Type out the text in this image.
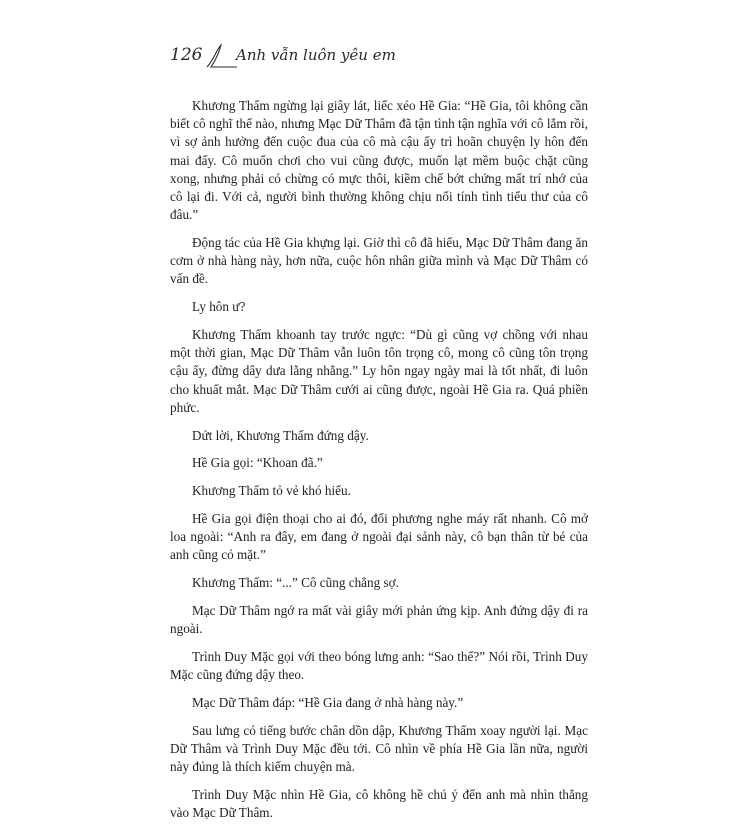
126 Anh vẫn luôn yêu em

Khương Thấm ngừng lại giây lát, liếc xéo Hề Gia: “Hề Gia, tôi không cần biết cô nghĩ thế nào, nhưng Mạc Dữ Thâm đã tận tình tận nghĩa với cô lắm rồi, vì sợ ảnh hưởng đến cuộc đua của cô mà cậu ấy trì hoãn chuyện ly hôn đến mai đấy. Cô muốn chơi cho vui cũng được, muốn lạt mềm buộc chặt cũng xong, nhưng phải có chừng có mực thôi, kiềm chế bớt chứng mất trí nhớ của cô lại đi. Với cả, người bình thường không chịu nổi tính tình tiểu thư của cô đâu.”

Động tác của Hề Gia khựng lại. Giờ thì cô đã hiểu, Mạc Dữ Thâm đang ăn cơm ở nhà hàng này, hơn nữa, cuộc hôn nhân giữa mình và Mạc Dữ Thâm có vấn đề.

Ly hôn ư?

Khương Thấm khoanh tay trước ngực: “Dù gì cũng vợ chồng với nhau một thời gian, Mạc Dữ Thâm vẫn luôn tôn trọng cô, mong cô cũng tôn trọng cậu ấy, đừng dây dưa lằng nhằng.” Ly hôn ngay ngày mai là tốt nhất, đi luôn cho khuất mắt. Mạc Dữ Thâm cưới ai cũng được, ngoài Hề Gia ra. Quá phiền phức.

Dứt lời, Khương Thấm đứng dậy.

Hề Gia gọi: “Khoan đã.”

Khương Thấm tỏ vẻ khó hiểu.

Hề Gia gọi điện thoại cho ai đó, đối phương nghe máy rất nhanh. Cô mở loa ngoài: “Anh ra đây, em đang ở ngoài đại sảnh này, cô bạn thân từ bé của anh cũng có mặt.”

Khương Thấm: “...” Cô cũng chẳng sợ.

Mạc Dữ Thâm ngớ ra mất vài giây mới phản ứng kịp. Anh đứng dậy đi ra ngoài.

Trình Duy Mặc gọi với theo bóng lưng anh: “Sao thế?” Nói rồi, Trình Duy Mặc cũng đứng dậy theo.

Mạc Dữ Thâm đáp: “Hề Gia đang ở nhà hàng này.”

Sau lưng có tiếng bước chân dồn dập, Khương Thấm xoay người lại. Mạc Dữ Thâm và Trình Duy Mặc đều tới. Cô nhìn về phía Hề Gia lần nữa, người này đúng là thích kiếm chuyện mà.

Trình Duy Mặc nhìn Hề Gia, cô không hề chú ý đến anh mà nhìn thẳng vào Mạc Dữ Thâm.
